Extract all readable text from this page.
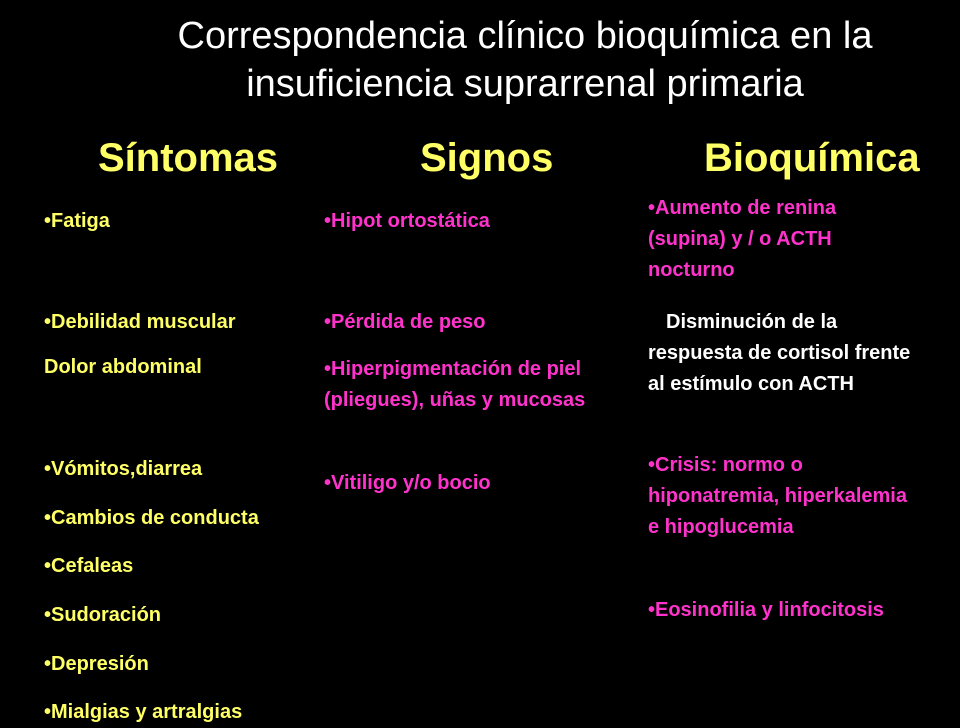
Correspondencia clínico bioquímica en la
insuficiencia suprarrenal primaria
Síntomas	Signos	Bioquímica
•Fatiga
•Debilidad muscular
Dolor abdominal
•Vómitos,diarrea
•Cambios de conducta
•Cefaleas
•Sudoración
•Depresión
•Mialgias y artralgias
•Hipot ortostática
•Pérdida de peso
•Hiperpigmentación de piel (pliegues), uñas y mucosas
•Vitiligo y/o bocio
•Aumento de renina (supina) y / o ACTH nocturno
Disminución de la respuesta de cortisol frente al estímulo con ACTH
•Crisis: normo o hiponatremia, hiperkalemia e hipoglucemia
•Eosinofilia y linfocitosis
